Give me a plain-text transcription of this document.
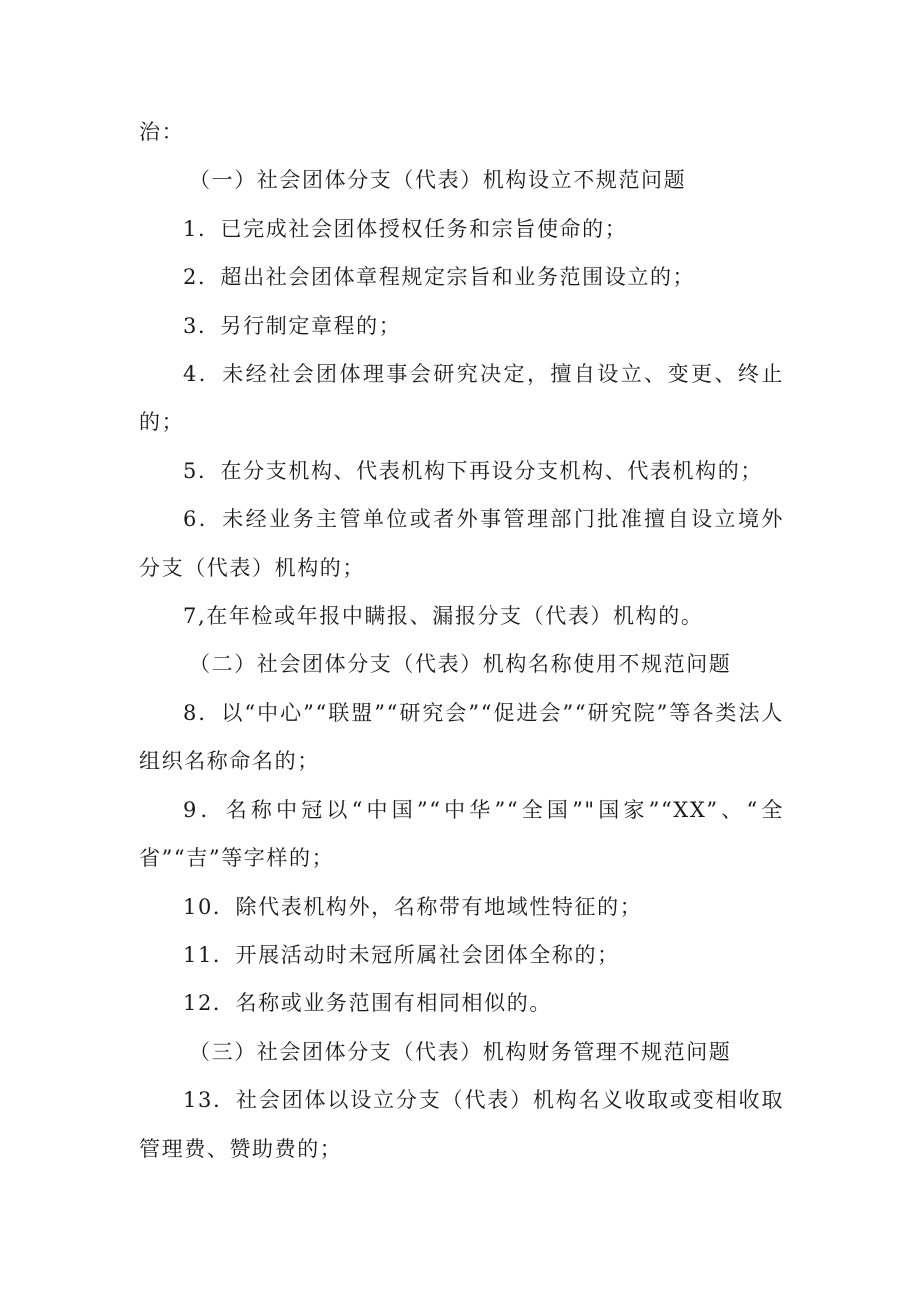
治：

（一）社会团体分支（代表）机构设立不规范问题

1．已完成社会团体授权任务和宗旨使命的；

2．超出社会团体章程规定宗旨和业务范围设立的；

3．另行制定章程的；

4．未经社会团体理事会研究决定，擅自设立、变更、终止的；

5．在分支机构、代表机构下再设分支机构、代表机构的；

6．未经业务主管单位或者外事管理部门批准擅自设立境外分支（代表）机构的；

7,在年检或年报中瞒报、漏报分支（代表）机构的。

（二）社会团体分支（代表）机构名称使用不规范问题

8．以“中心”“联盟”“研究会”“促进会”“研究院”等各类法人组织名称命名的；

9．名称中冠以“中国”“中华”“全国”"国家”“XX”、“全省”“吉”等字样的；

10．除代表机构外，名称带有地域性特征的；

11．开展活动时未冠所属社会团体全称的；

12．名称或业务范围有相同相似的。

（三）社会团体分支（代表）机构财务管理不规范问题

13．社会团体以设立分支（代表）机构名义收取或变相收取管理费、赞助费的；
